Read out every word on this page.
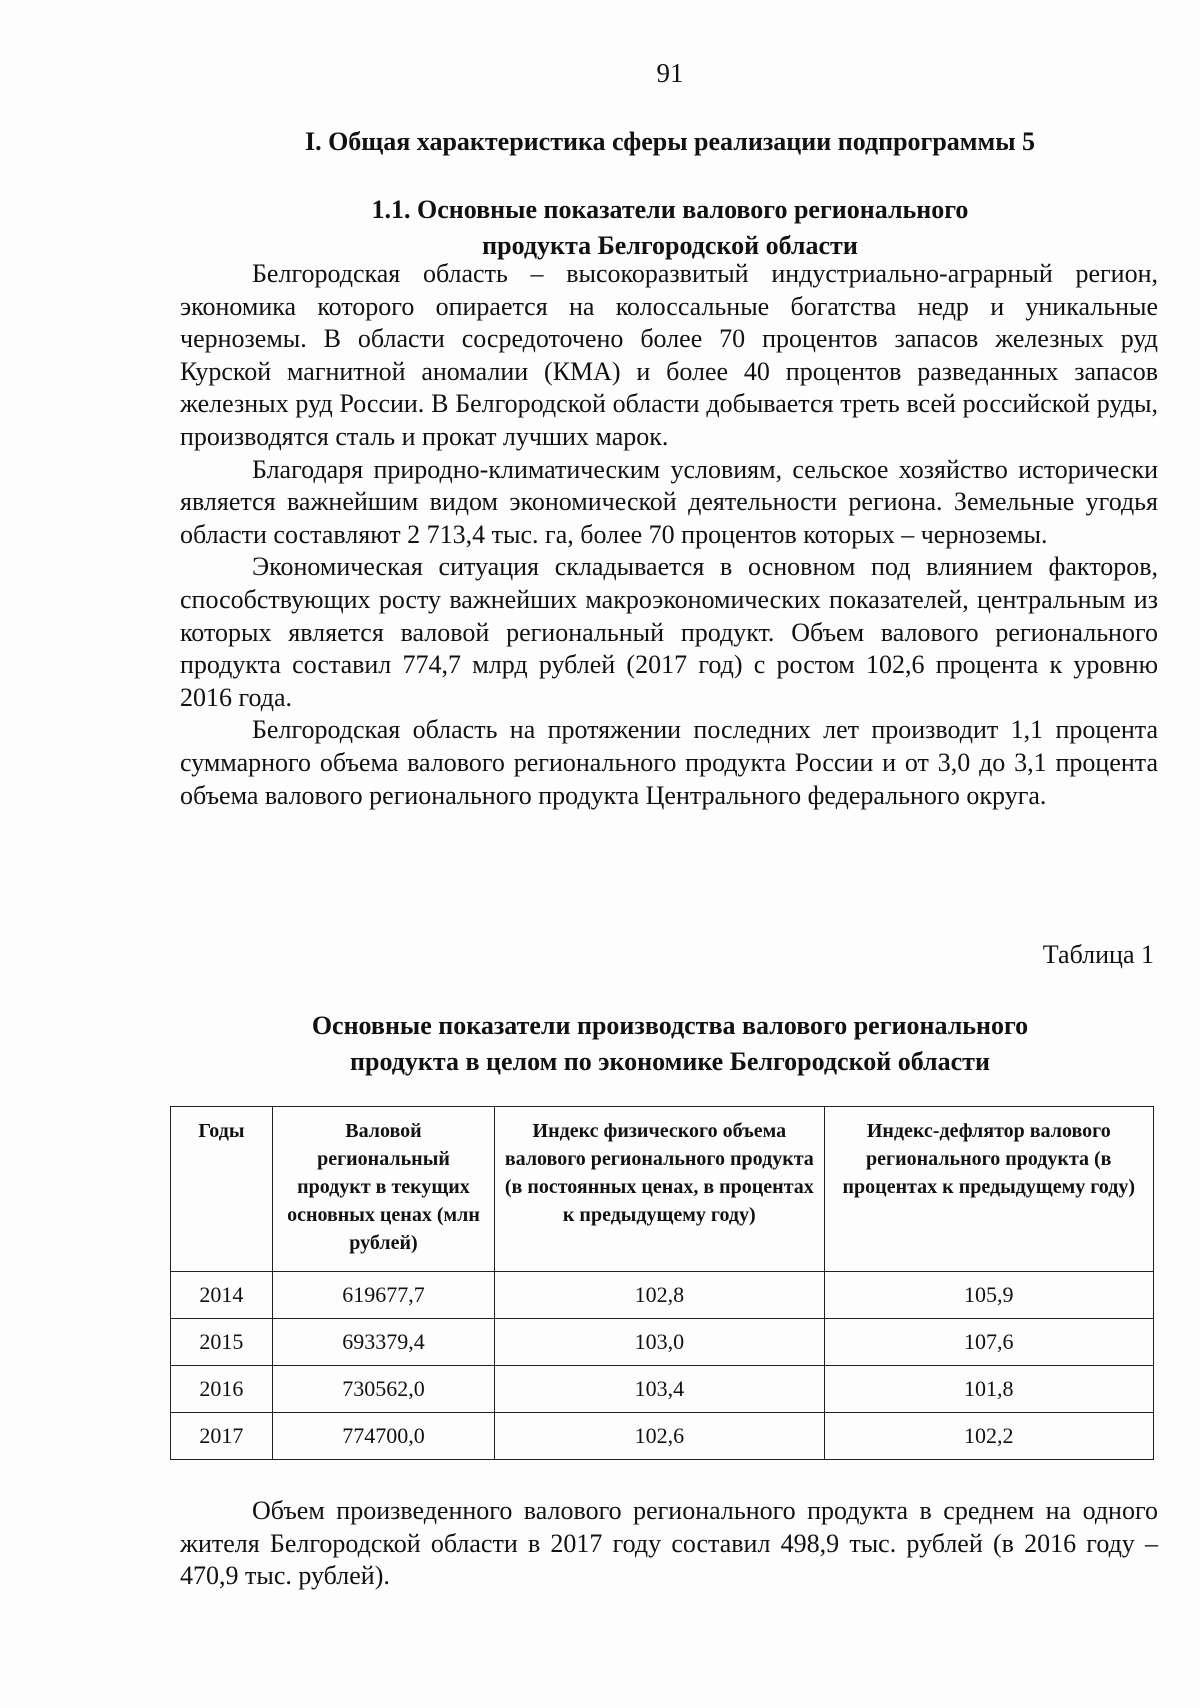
91
I. Общая характеристика сферы реализации подпрограммы 5
1.1. Основные показатели валового регионального
продукта Белгородской области

Белгородская область – высокоразвитый индустриально-аграрный регион, экономика которого опирается на колоссальные богатства недр и уникальные черноземы. В области сосредоточено более 70 процентов запасов железных руд Курской магнитной аномалии (КМА) и более 40 процентов разведанных запасов железных руд России. В Белгородской области добывается треть всей российской руды, производятся сталь и прокат лучших марок.

Благодаря природно-климатическим условиям, сельское хозяйство исторически является важнейшим видом экономической деятельности региона. Земельные угодья области составляют 2 713,4 тыс. га, более 70 процентов которых – черноземы.

Экономическая ситуация складывается в основном под влиянием факторов, способствующих росту важнейших макроэкономических показателей, центральным из которых является валовой региональный продукт. Объем валового регионального продукта составил 774,7 млрд рублей (2017 год) с ростом 102,6 процента к уровню 2016 года.

Белгородская область на протяжении последних лет производит 1,1 процента суммарного объема валового регионального продукта России и от 3,0 до 3,1 процента объема валового регионального продукта Центрального федерального округа.

Таблица 1
Основные показатели производства валового регионального
продукта в целом по экономике Белгородской области
Годы	Валовой региональный продукт в текущих основных ценах (млн рублей)	Индекс физического объема валового регионального продукта (в постоянных ценах, в процентах к предыдущему году)	Индекс-дефлятор валового регионального продукта (в процентах к предыдущему году)
2014	619677,7	102,8	105,9
2015	693379,4	103,0	107,6
2016	730562,0	103,4	101,8
2017	774700,0	102,6	102,2

Объем произведенного валового регионального продукта в среднем на одного жителя Белгородской области в 2017 году составил 498,9 тыс. рублей (в 2016 году – 470,9 тыс. рублей).
